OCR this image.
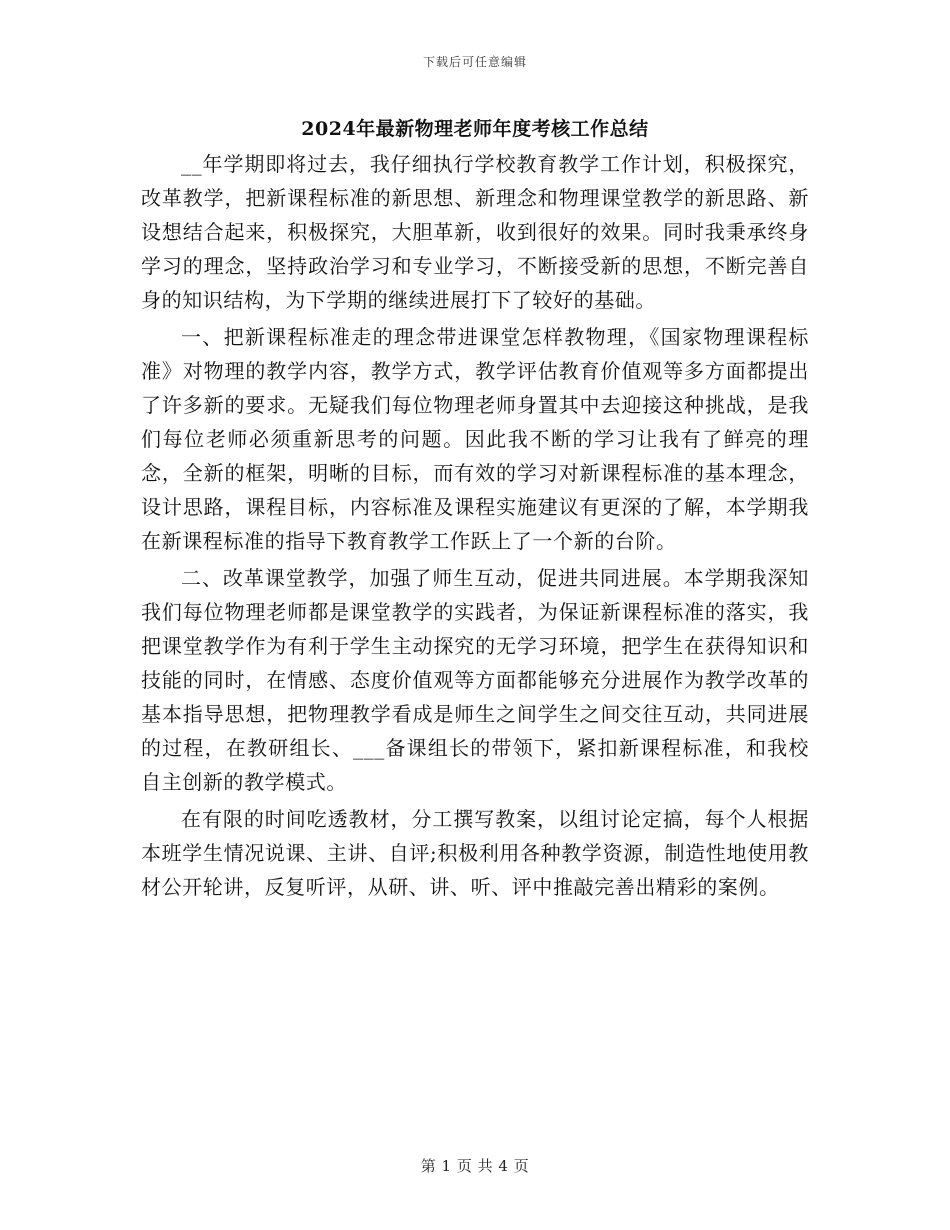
下载后可任意编辑
2024年最新物理老师年度考核工作总结

__年学期即将过去，我仔细执行学校教育教学工作计划，积极探究，改革教学，把新课程标准的新思想、新理念和物理课堂教学的新思路、新设想结合起来，积极探究，大胆革新，收到很好的效果。同时我秉承终身学习的理念，坚持政治学习和专业学习，不断接受新的思想，不断完善自身的知识结构，为下学期的继续进展打下了较好的基础。

一、把新课程标准走的理念带进课堂怎样教物理，《国家物理课程标准》对物理的教学内容，教学方式，教学评估教育价值观等多方面都提出了许多新的要求。无疑我们每位物理老师身置其中去迎接这种挑战，是我们每位老师必须重新思考的问题。因此我不断的学习让我有了鲜亮的理念，全新的框架，明晰的目标，而有效的学习对新课程标准的基本理念，设计思路，课程目标，内容标准及课程实施建议有更深的了解，本学期我在新课程标准的指导下教育教学工作跃上了一个新的台阶。

二、改革课堂教学，加强了师生互动，促进共同进展。本学期我深知我们每位物理老师都是课堂教学的实践者，为保证新课程标准的落实，我把课堂教学作为有利于学生主动探究的无学习环境，把学生在获得知识和技能的同时，在情感、态度价值观等方面都能够充分进展作为教学改革的基本指导思想，把物理教学看成是师生之间学生之间交往互动，共同进展的过程，在教研组长、___备课组长的带领下，紧扣新课程标准，和我校自主创新的教学模式。

在有限的时间吃透教材，分工撰写教案，以组讨论定搞，每个人根据本班学生情况说课、主讲、自评;积极利用各种教学资源，制造性地使用教材公开轮讲，反复听评，从研、讲、听、评中推敲完善出精彩的案例。

第 1 页 共 4 页
